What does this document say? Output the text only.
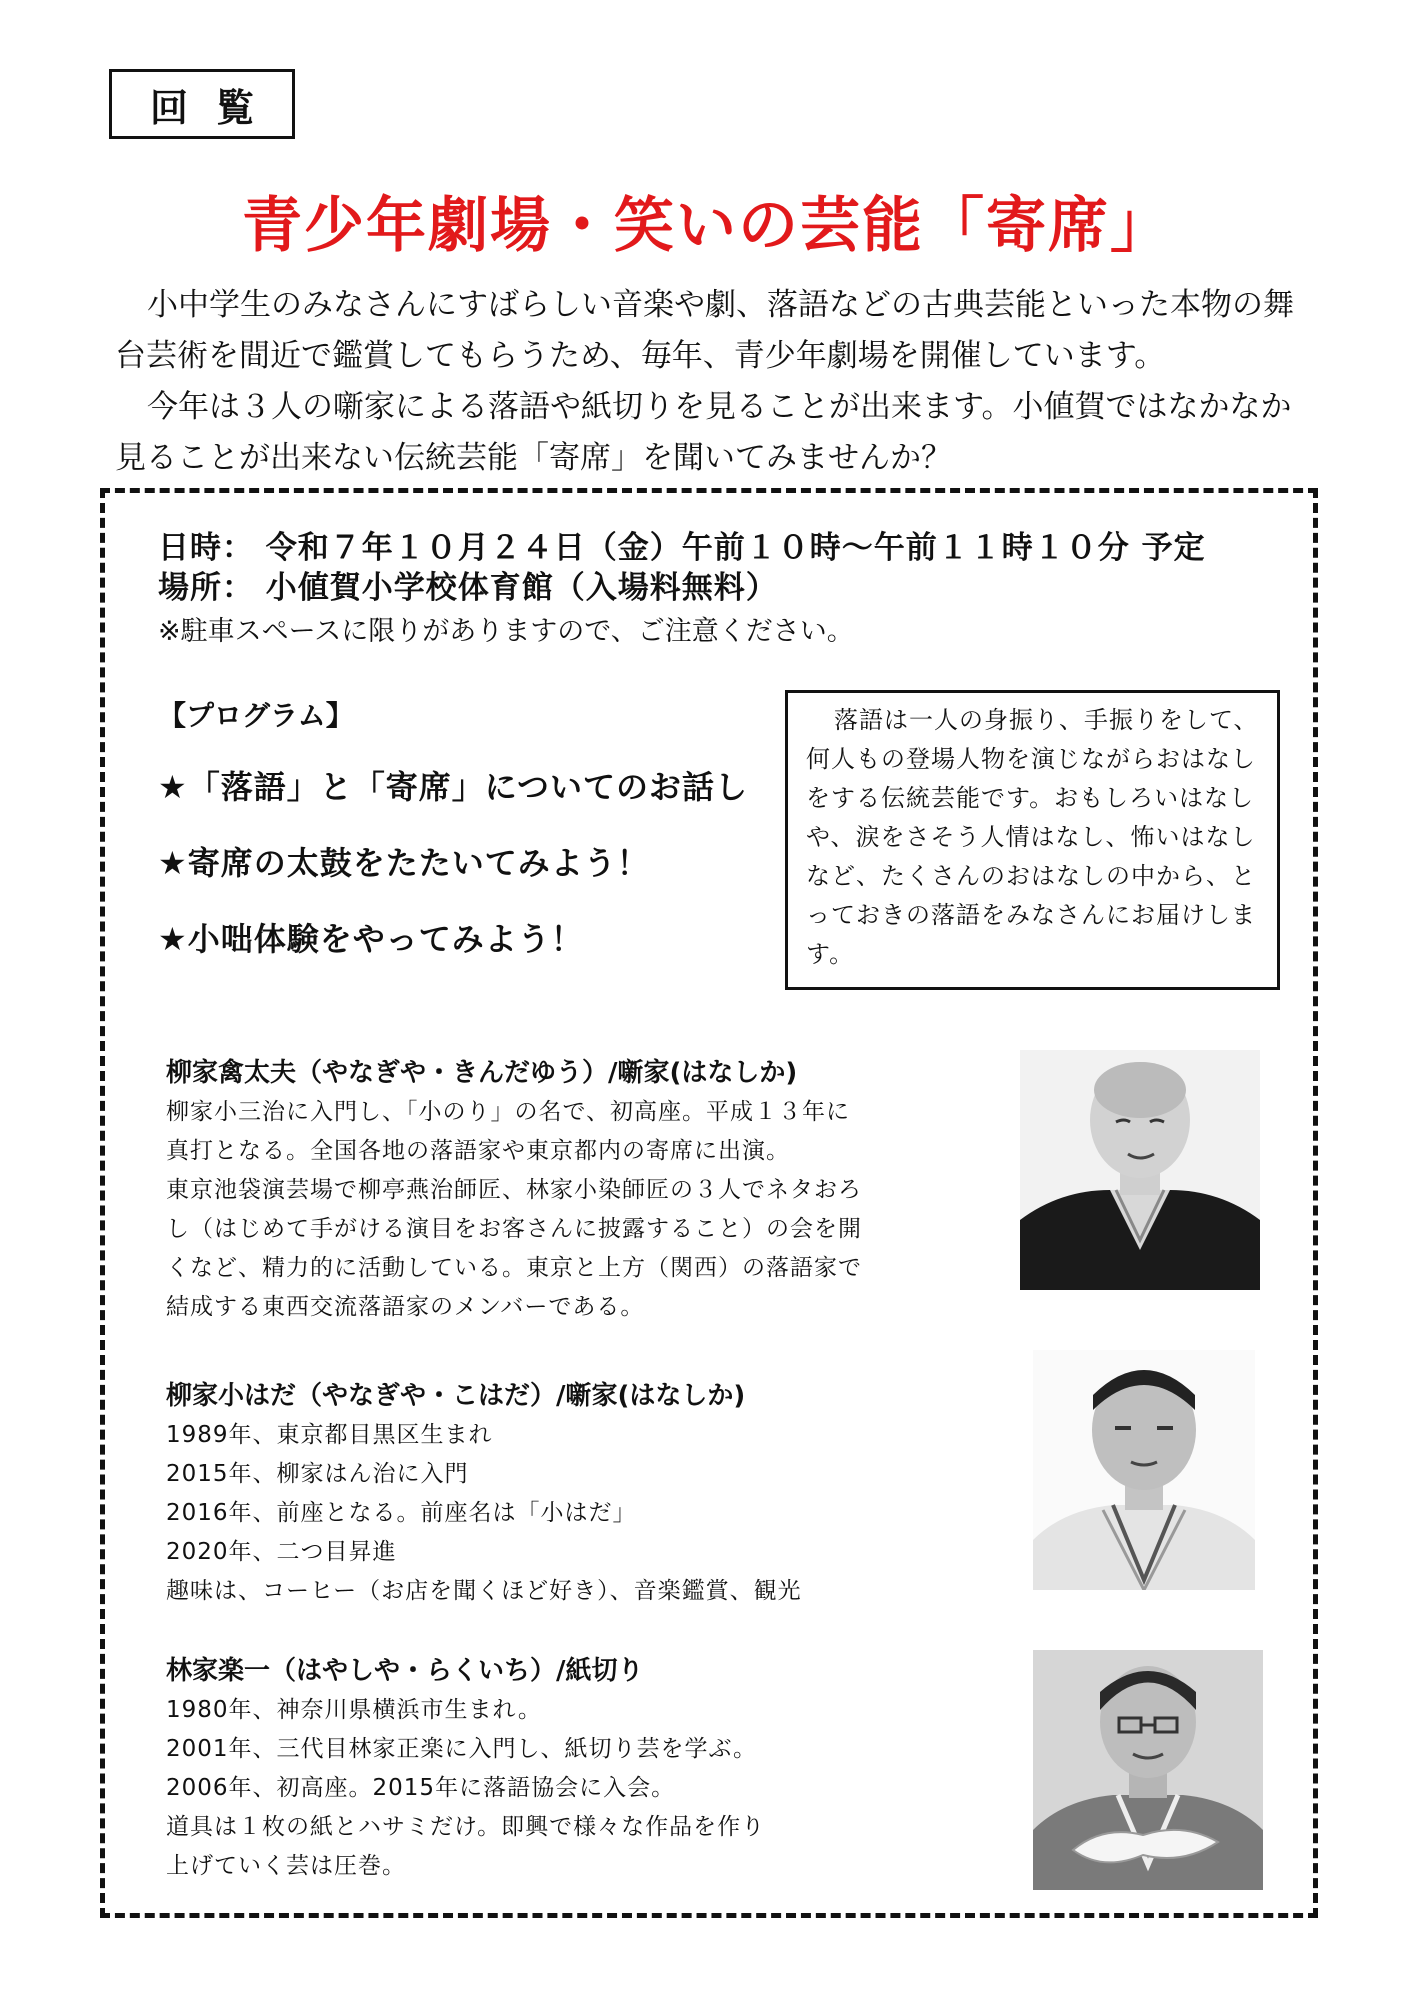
回覧
青少年劇場・笑いの芸能「寄席」

小中学生のみなさんにすばらしい音楽や劇、落語などの古典芸能といった本物の舞台芸術を間近で鑑賞してもらうため、毎年、青少年劇場を開催しています。

今年は３人の噺家による落語や紙切りを見ることが出来ます。小値賀ではなかなか見ることが出来ない伝統芸能「寄席」を聞いてみませんか？

日時： 令和７年１０月２４日（金）午前１０時～午前１１時１０分 予定
場所： 小値賀小学校体育館（入場料無料）
※駐車スペースに限りがありますので、ご注意ください。
【プログラム】
★「落語」と「寄席」についてのお話し
★寄席の太鼓をたたいてみよう！
★小咄体験をやってみよう！
落語は一人の身振り、手振りをして、何人もの登場人物を演じながらおはなしをする伝統芸能です。おもしろいはなしや、涙をさそう人情はなし、怖いはなしなど、たくさんのおはなしの中から、とっておきの落語をみなさんにお届けします。
柳家禽太夫（やなぎや・きんだゆう）/噺家(はなしか)
柳家小三治に入門し、「小のり」の名で、初高座。平成１３年に
真打となる。全国各地の落語家や東京都内の寄席に出演。
東京池袋演芸場で柳亭燕治師匠、林家小染師匠の３人でネタおろ
し（はじめて手がける演目をお客さんに披露すること）の会を開
くなど、精力的に活動している。東京と上方（関西）の落語家で
結成する東西交流落語家のメンバーである。
柳家小はだ（やなぎや・こはだ）/噺家(はなしか)
1989年、東京都目黒区生まれ
2015年、柳家はん治に入門
2016年、前座となる。前座名は「小はだ」
2020年、二つ目昇進
趣味は、コーヒー（お店を聞くほど好き）、音楽鑑賞、観光
林家楽一（はやしや・らくいち）/紙切り
1980年、神奈川県横浜市生まれ。
2001年、三代目林家正楽に入門し、紙切り芸を学ぶ。
2006年、初高座。2015年に落語協会に入会。
道具は１枚の紙とハサミだけ。即興で様々な作品を作り
上げていく芸は圧巻。
